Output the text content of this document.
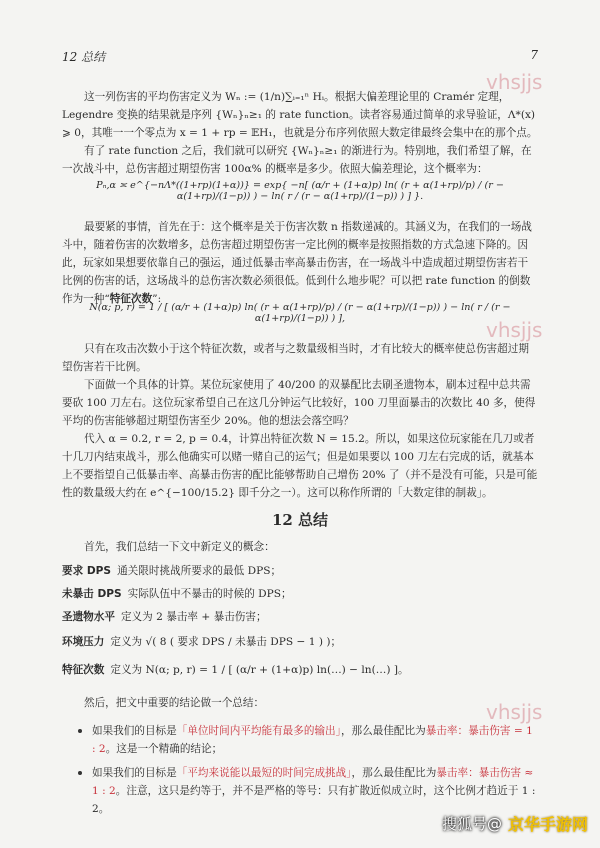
12 总结	7
vhsjjs
vhsjjs
vhsjjs

这一列伤害的平均伤害定义为 Wₙ := (1/n)∑ᵢ₌₁ⁿ Hᵢ。根据大偏差理论里的 Cramér 定理，Legendre 变换的结果就是序列 {Wₙ}ₙ≥₁ 的 rate function。读者容易通过简单的求导验证，Λ*(x) ⩾ 0，其唯一一个零点为 x = 1 + rp = 𝔼H₁，也就是分布序列依照大数定律最终会集中在的那个点。

有了 rate function 之后，我们就可以研究 {Wₙ}ₙ≥₁ 的渐进行为。特别地，我们希望了解，在一次战斗中，总伤害超过期望伤害 100α% 的概率是多少。依照大偏差理论，这个概率为：

Pₙ,α ≍ e^{−nΛ*((1+rp)(1+α))} = exp{ −n[ (α/r + (1+α)p) ln( (r + α(1+rp)/p) / (r − α(1+rp)/(1−p)) ) − ln( r / (r − α(1+rp)/(1−p)) ) ] }.

最要紧的事情，首先在于：这个概率是关于伤害次数 n 指数递减的。其涵义为，在我们的一场战斗中，随着伤害的次数增多，总伤害超过期望伤害一定比例的概率是按照指数的方式急速下降的。因此，玩家如果想要依靠自己的强运，通过低暴击率高暴击伤害，在一场战斗中造成超过期望伤害若干比例的伤害的话，这场战斗的总伤害次数必须很低。低到什么地步呢？可以把 rate function 的倒数作为一种“特征次数”:

N(α; p, r) = 1 / [ (α/r + (1+α)p) ln( (r + α(1+rp)/p) / (r − α(1+rp)/(1−p)) ) − ln( r / (r − α(1+rp)/(1−p)) ) ],

只有在攻击次数小于这个特征次数，或者与之数量级相当时，才有比较大的概率使总伤害超过期望伤害若干比例。

下面做一个具体的计算。某位玩家使用了 40/200 的双暴配比去刷圣遗物本，刷本过程中总共需要砍 100 刀左右。这位玩家希望自己在这几分钟运气比较好，100 刀里面暴击的次数比 40 多，使得平均的伤害能够超过期望伤害至少 20%。他的想法会落空吗？

代入 α = 0.2, r = 2, p = 0.4，计算出特征次数 N = 15.2。所以，如果这位玩家能在几刀或者十几刀内结束战斗，那么他确实可以赌一赌自己的运气；但是如果要以 100 刀左右完成的话，就基本上不要指望自己低暴击率、高暴击伤害的配比能够帮助自己增伤 20% 了（并不是没有可能，只是可能性的数量级大约在 e^{−100/15.2} 即千分之一）。这可以称作所谓的「大数定律的制裁」。

12 总结

首先，我们总结一下文中新定义的概念：

要求 DPS 通关限时挑战所要求的最低 DPS；
未暴击 DPS 实际队伍中不暴击的时候的 DPS；
圣遗物水平 定义为 2 暴击率 + 暴击伤害；
环境压力 定义为 √( 8 ( 要求 DPS / 未暴击 DPS − 1 ) )；
特征次数 定义为 N(α; p, r) = 1 / [ (α/r + (1+α)p) ln(…) − ln(…) ]。

然后，把文中重要的结论做一个总结：

如果我们的目标是「单位时间内平均能有最多的输出」，那么最佳配比为暴击率：暴击伤害 = 1 : 2。这是一个精确的结论；
如果我们的目标是「平均来说能以最短的时间完成挑战」，那么最佳配比为暴击率：暴击伤害 ≈ 1 : 2。注意，这只是约等于，并不是严格的等号：只有扩散近似成立时，这个比例才趋近于 1 : 2。
搜狐号@ 京华手游网
